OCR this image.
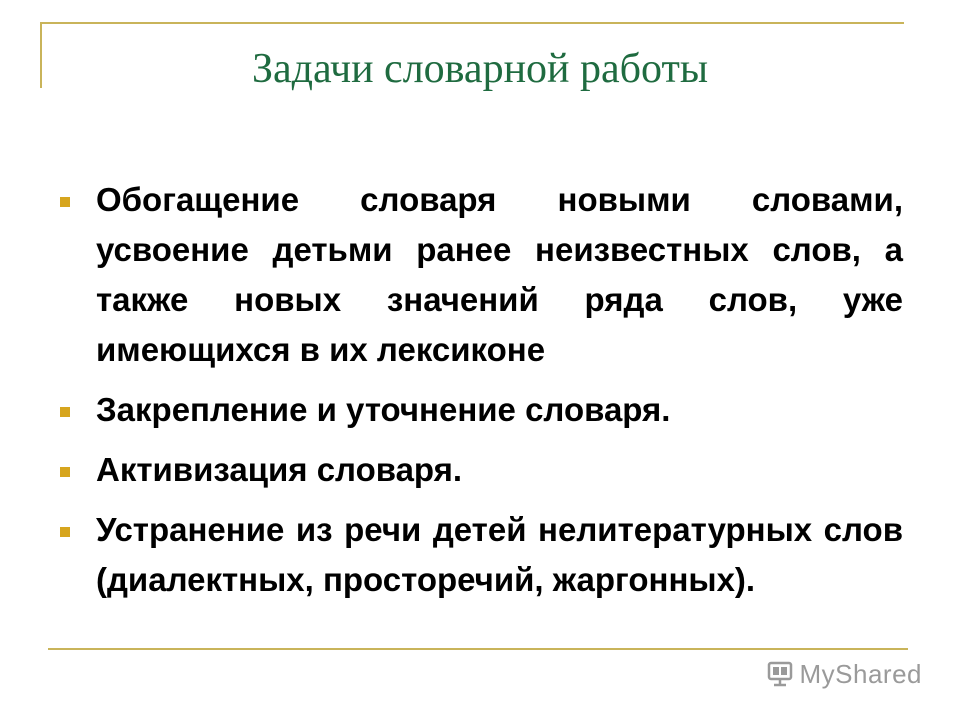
Задачи словарной работы
Обогащение словаря новыми словами, усвоение детьми ранее неизвестных слов, а также новых значений ряда слов, уже имеющихся в их лексиконе
Закрепление и уточнение словаря.
Активизация словаря.
Устранение из речи детей нелитературных слов (диалектных, просторечий, жаргонных).
MyShared
